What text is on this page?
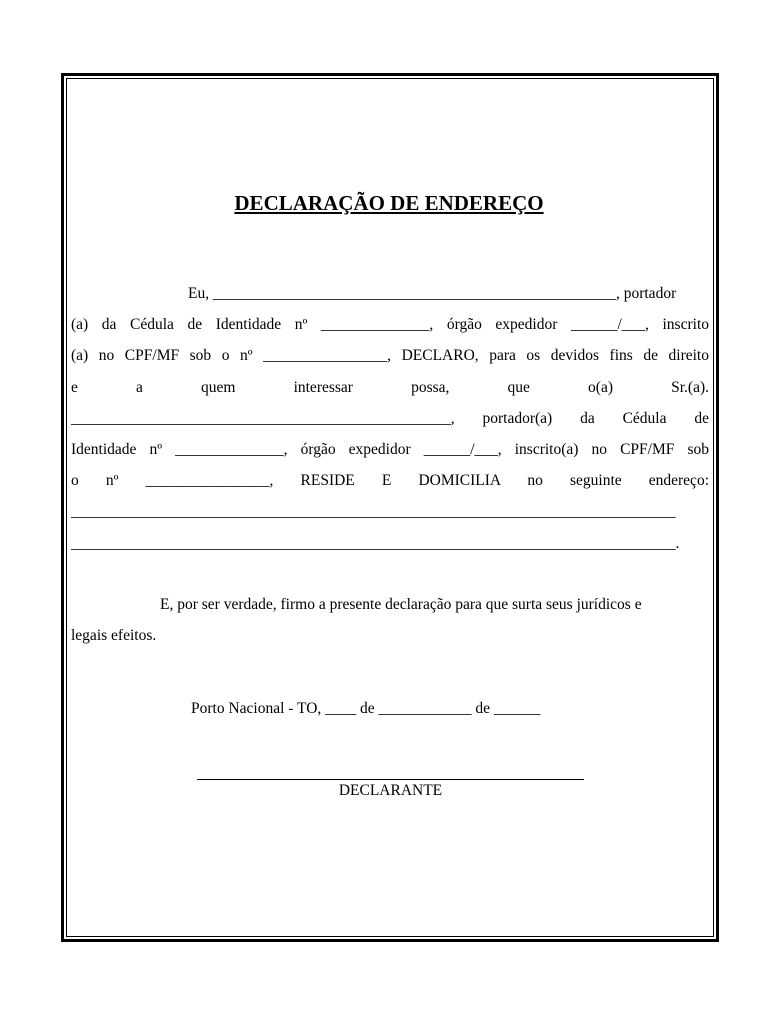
DECLARAÇÃO DE ENDEREÇO
Eu, ____________________________________________________, portador
(a) da Cédula de Identidade nº ______________, órgão expedidor ______/___, inscrito
(a) no CPF/MF sob o nº ________________, DECLARO, para os devidos fins de direito
e a quem interessar possa, que o(a) Sr.(a).
_________________________________________________, portador(a) da Cédula de
Identidade nº ______________, órgão expedidor ______/___, inscrito(a) no CPF/MF sob
o nº ________________, RESIDE E DOMICILIA no seguinte endereço:
______________________________________________________________________________
______________________________________________________________________________.
E, por ser verdade, firmo a presente declaração para que surta seus jurídicos e
legais efeitos.
Porto Nacional - TO, ____ de ____________ de ______
DECLARANTE
